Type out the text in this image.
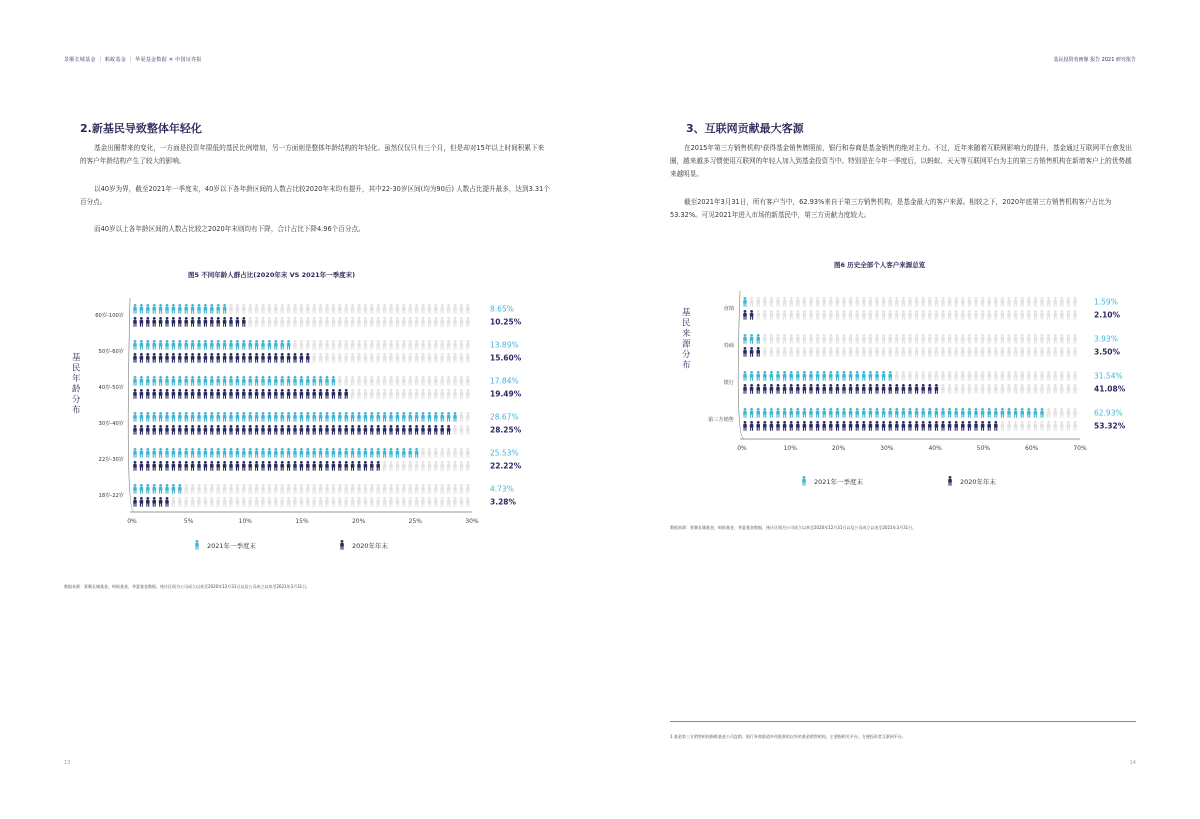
景顺长城基金 ｜ 蚂蚁基金 ｜ 华夏基金数据 ✕ 中国证券报	基民投资者画像 报告 2021 研究报告
2.新基民导致整体年轻化
基金出圈带来的变化，一方面是投资年限低的基民比例增加，另一方面则是整体年龄结构的年轻化。虽然仅仅只有三个月，但是却对15年以上时间积累下来的客户年龄结构产生了较大的影响。
以40岁为界，截至2021年一季度末，40岁以下各年龄区间的人数占比较2020年末均有提升，其中22-30岁区间(均为90后) 人数占比提升最多，达到3.31个百分点。
而40岁以上各年龄区间的人数占比较之2020年末则均有下降，合计占比下降4.96个百分点。
图5 不同年龄人群占比(2020年末 VS 2021年一季度末)
基民年龄分布
0%	5%	10%	15%	20%	25%	30%
60岁-100岁
8.65%
10.25%
50岁-60岁
13.89%
15.60%
40岁-50岁
17.84%
19.49%
30岁-40岁
28.67%
28.25%
22岁-30岁
25.53%
22.22%
18岁-22岁
4.73%
3.28%
2021年一季度末	2020年年末
数据来源：景顺长城基金、蚂蚁基金，华夏基金数据，统计区间为公司成立以来至2020年12月31日以及公司成立以来至2021年3月31日。
13
3、互联网贡献最大客源
在2015年第三方销售机构¹获得基金销售牌照前，银行和券商是基金销售的绝对主力。不过，近年来随着互联网影响力的提升，基金通过互联网平台愈发出圈，越来越多习惯使用互联网的年轻人加入到基金投资当中。特别是在今年一季度后，以蚂蚁、天天等互联网平台为主的第三方销售机构在新增客户上的优势越来越明显。
截至2021年3月31日，所有客户当中，62.93%来自于第三方销售机构，是基金最大的客户来源。相较之下，2020年底第三方销售机构客户占比为53.32%。可见2021年进入市场的新基民中，第三方贡献力度较大。
图6 历史全部个人客户来源总览
基民来源分布
0%	10%	20%	30%	40%	50%	60%	70%
直销
1.59%
2.10%
券商
3.93%
3.50%
银行
31.54%
41.08%
第三方销售
62.93%
53.32%
2021年一季度末	2020年年末
数据来源：景顺长城基金、蚂蚁基金，华夏基金数据，统计区间为公司成立以来至2020年12月31日以及公司成立以来至2021年3月31日。
1.基金第三方销售机构指除基金公司直销、银行券商渠道外经批准的以外的基金销售机构，主要指相关平台。方便投资者互联网平台。
14
